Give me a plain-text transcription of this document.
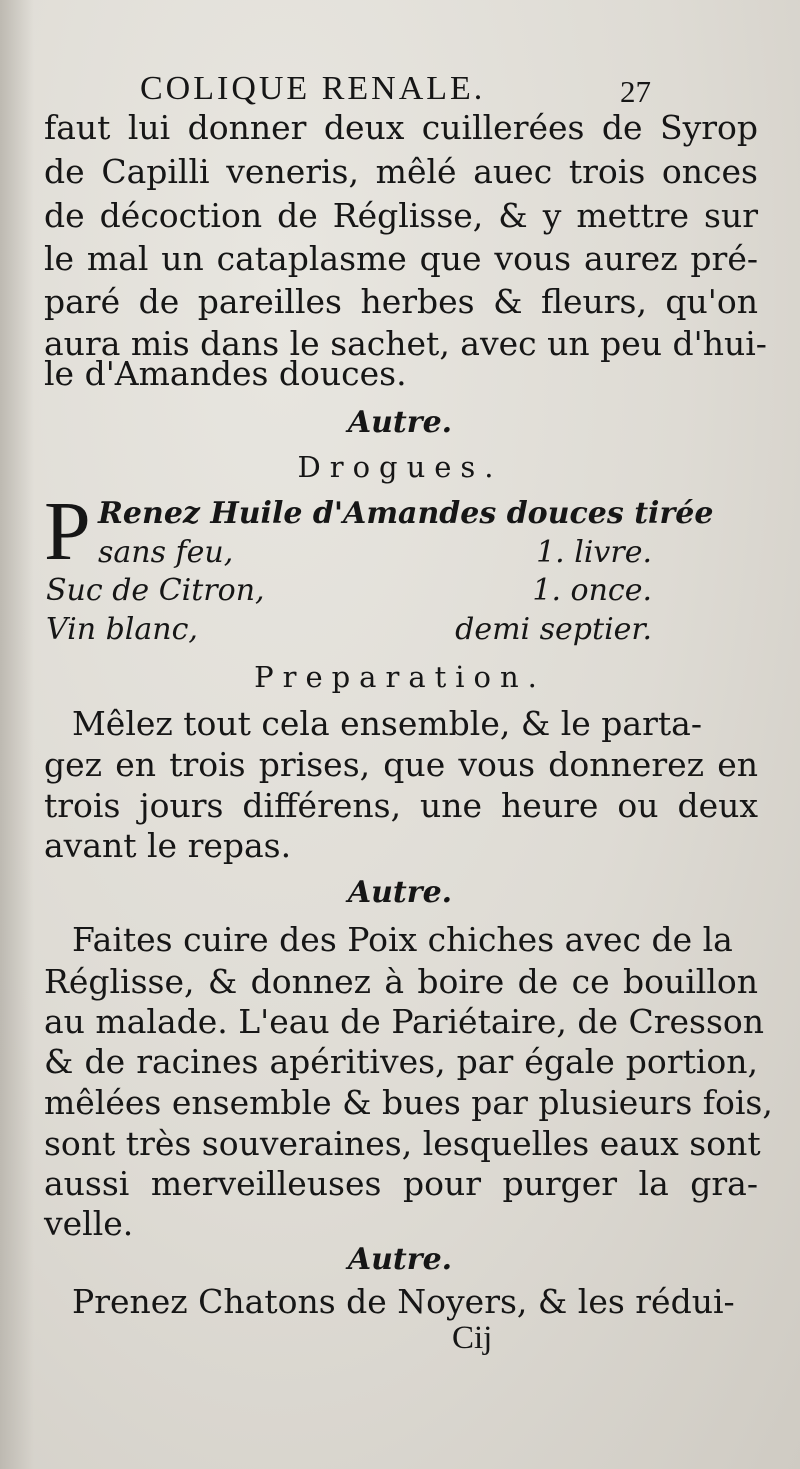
COLIQUE RENALE.	27
faut lui donner deux cuillerées de Syrop
de Capilli veneris, mêlé auec trois onces
de décoction de Réglisse, & y mettre sur
le mal un cataplasme que vous aurez pré-
paré de pareilles herbes & fleurs, qu'on
aura mis dans le sachet, avec un peu d'hui-
le d'Amandes douces.
Autre.
Drogues.
P Renez Huile d'Amandes douces tirée
sans feu,	1. livre.
Suc de Citron,	1. once.
Vin blanc,	demi septier.
Preparation.
Mêlez tout cela ensemble, & le parta-
gez en trois prises, que vous donnerez en
trois jours différens, une heure ou deux
avant le repas.
Autre.
Faites cuire des Poix chiches avec de la
Réglisse, & donnez à boire de ce bouillon
au malade. L'eau de Pariétaire, de Cresson
& de racines apéritives, par égale portion,
mêlées ensemble & bues par plusieurs fois,
sont très souveraines, lesquelles eaux sont
aussi merveilleuses pour purger la gra-
velle.
Autre.
Prenez Chatons de Noyers, & les rédui-
Cij
